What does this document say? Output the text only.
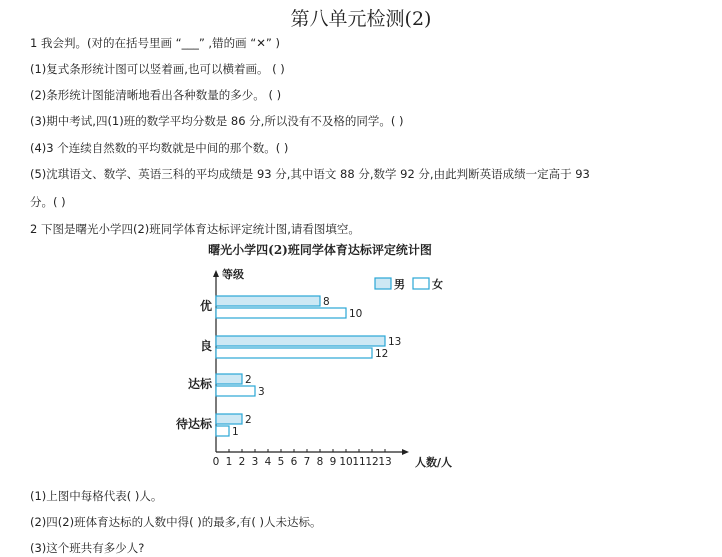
第八单元检测(2)
1 我会判。(对的在括号里画 “___” ,错的画 “✕” )
(1)复式条形统计图可以竖着画,也可以横着画。 ( )
(2)条形统计图能清晰地看出各种数量的多少。 ( )
(3)期中考试,四(1)班的数学平均分数是 86 分,所以没有不及格的同学。( )
(4)3 个连续自然数的平均数就是中间的那个数。( )
(5)沈琪语文、数学、英语三科的平均成绩是 93 分,其中语文 88 分,数学 92 分,由此判断英语成绩一定高于 93
分。( )
2 下图是曙光小学四(2)班同学体育达标评定统计图,请看图填空。
曙光小学四(2)班同学体育达标评定统计图
等级
0 1 2 3 4 5 6 7 8 9 10 11 12 13 人数/人
优	8
10
良	13
12
达标	2
3
待达标	2
1
男 女
(1)上图中每格代表( )人。
(2)四(2)班体育达标的人数中得( )的最多,有( )人未达标。
(3)这个班共有多少人?
